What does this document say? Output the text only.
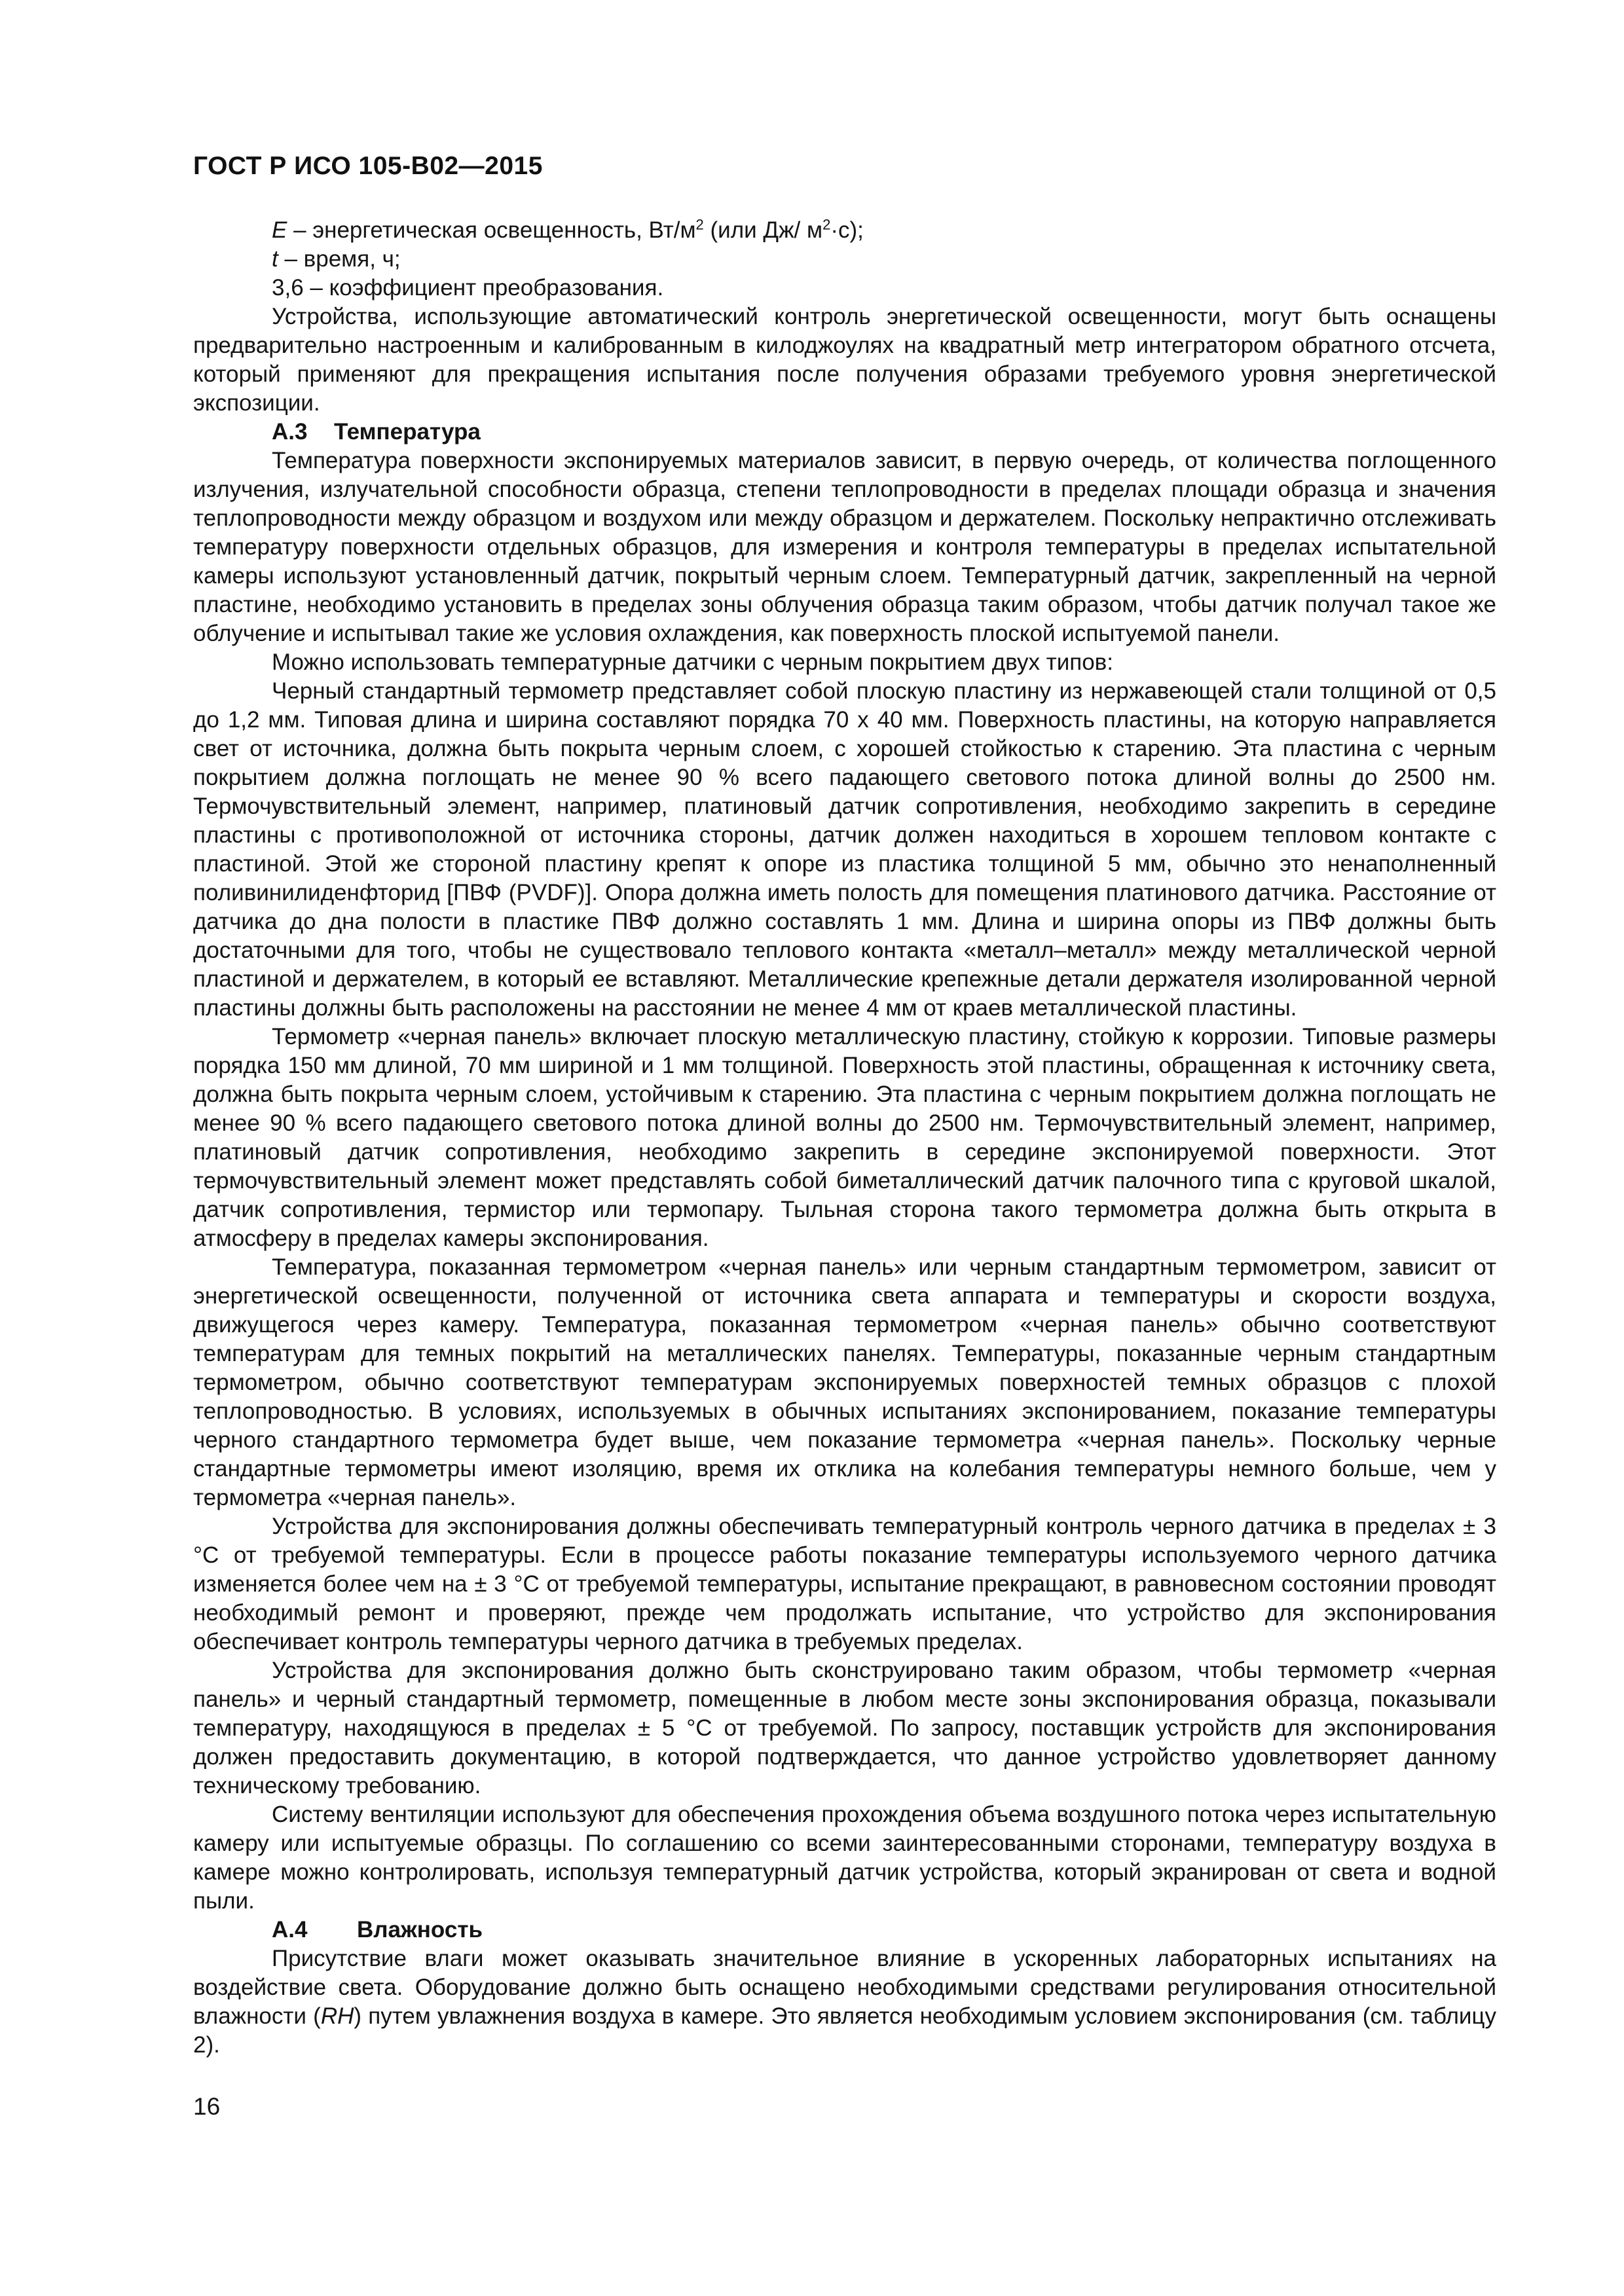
ГОСТ Р ИСО 105-В02—2015

E – энергетическая освещенность, $Вт/м^2$ (или Дж/ $м^2\cdot с$);

t – время, ч;

3,6 – коэффициент преобразования.

Устройства, использующие автоматический контроль энергетической освещенности, могут быть оснащены предварительно настроенным и калиброванным в килоджоулях на квадратный метр интегратором обратного отсчета, который применяют для прекращения испытания после получения образами требуемого уровня энергетической экспозиции.

А.3 Температура

Температура поверхности экспонируемых материалов зависит, в первую очередь, от количества поглощенного излучения, излучательной способности образца, степени теплопроводности в пределах площади образца и значения теплопроводности между образцом и воздухом или между образцом и держателем. Поскольку непрактично отслеживать температуру поверхности отдельных образцов, для измерения и контроля температуры в пределах испытательной камеры используют установленный датчик, покрытый черным слоем. Температурный датчик, закрепленный на черной пластине, необходимо установить в пределах зоны облучения образца таким образом, чтобы датчик получал такое же облучение и испытывал такие же условия охлаждения, как поверхность плоской испытуемой панели.

Можно использовать температурные датчики с черным покрытием двух типов:

Черный стандартный термометр представляет собой плоскую пластину из нержавеющей стали толщиной от 0,5 до 1,2 мм. Типовая длина и ширина составляют порядка 70 х 40 мм. Поверхность пластины, на которую направляется свет от источника, должна быть покрыта черным слоем, с хорошей стойкостью к старению. Эта пластина с черным покрытием должна поглощать не менее 90 % всего падающего светового потока длиной волны до 2500 нм. Термочувствительный элемент, например, платиновый датчик сопротивления, необходимо закрепить в середине пластины с противоположной от источника стороны, датчик должен находиться в хорошем тепловом контакте с пластиной. Этой же стороной пластину крепят к опоре из пластика толщиной 5 мм, обычно это ненаполненный поливинилиденфторид [ПВФ (PVDF)]. Опора должна иметь полость для помещения платинового датчика. Расстояние от датчика до дна полости в пластике ПВФ должно составлять 1 мм. Длина и ширина опоры из ПВФ должны быть достаточными для того, чтобы не существовало теплового контакта «металл–металл» между металлической черной пластиной и держателем, в который ее вставляют. Металлические крепежные детали держателя изолированной черной пластины должны быть расположены на расстоянии не менее 4 мм от краев металлической пластины.

Термометр «черная панель» включает плоскую металлическую пластину, стойкую к коррозии. Типовые размеры порядка 150 мм длиной, 70 мм шириной и 1 мм толщиной. Поверхность этой пластины, обращенная к источнику света, должна быть покрыта черным слоем, устойчивым к старению. Эта пластина с черным покрытием должна поглощать не менее 90 % всего падающего светового потока длиной волны до 2500 нм. Термочувствительный элемент, например, платиновый датчик сопротивления, необходимо закрепить в середине экспонируемой поверхности. Этот термочувствительный элемент может представлять собой биметаллический датчик палочного типа с круговой шкалой, датчик сопротивления, термистор или термопару. Тыльная сторона такого термометра должна быть открыта в атмосферу в пределах камеры экспонирования.

Температура, показанная термометром «черная панель» или черным стандартным термометром, зависит от энергетической освещенности, полученной от источника света аппарата и температуры и скорости воздуха, движущегося через камеру. Температура, показанная термометром «черная панель» обычно соответствуют температурам для темных покрытий на металлических панелях. Температуры, показанные черным стандартным термометром, обычно соответствуют температурам экспонируемых поверхностей темных образцов с плохой теплопроводностью. В условиях, используемых в обычных испытаниях экспонированием, показание температуры черного стандартного термометра будет выше, чем показание термометра «черная панель». Поскольку черные стандартные термометры имеют изоляцию, время их отклика на колебания температуры немного больше, чем у термометра «черная панель».

Устройства для экспонирования должны обеспечивать температурный контроль черного датчика в пределах ± 3 °С от требуемой температуры. Если в процессе работы показание температуры используемого черного датчика изменяется более чем на ± 3 °С от требуемой температуры, испытание прекращают, в равновесном состоянии проводят необходимый ремонт и проверяют, прежде чем продолжать испытание, что устройство для экспонирования обеспечивает контроль температуры черного датчика в требуемых пределах.

Устройства для экспонирования должно быть сконструировано таким образом, чтобы термометр «черная панель» и черный стандартный термометр, помещенные в любом месте зоны экспонирования образца, показывали температуру, находящуюся в пределах ± 5 °С от требуемой. По запросу, поставщик устройств для экспонирования должен предоставить документацию, в которой подтверждается, что данное устройство удовлетворяет данному техническому требованию.

Систему вентиляции используют для обеспечения прохождения объема воздушного потока через испытательную камеру или испытуемые образцы. По соглашению со всеми заинтересованными сторонами, температуру воздуха в камере можно контролировать, используя температурный датчик устройства, который экранирован от света и водной пыли.

А.4 Влажность

Присутствие влаги может оказывать значительное влияние в ускоренных лабораторных испытаниях на воздействие света. Оборудование должно быть оснащено необходимыми средствами регулирования относительной влажности (RH) путем увлажнения воздуха в камере. Это является необходимым условием экспонирования (см. таблицу 2).

16
